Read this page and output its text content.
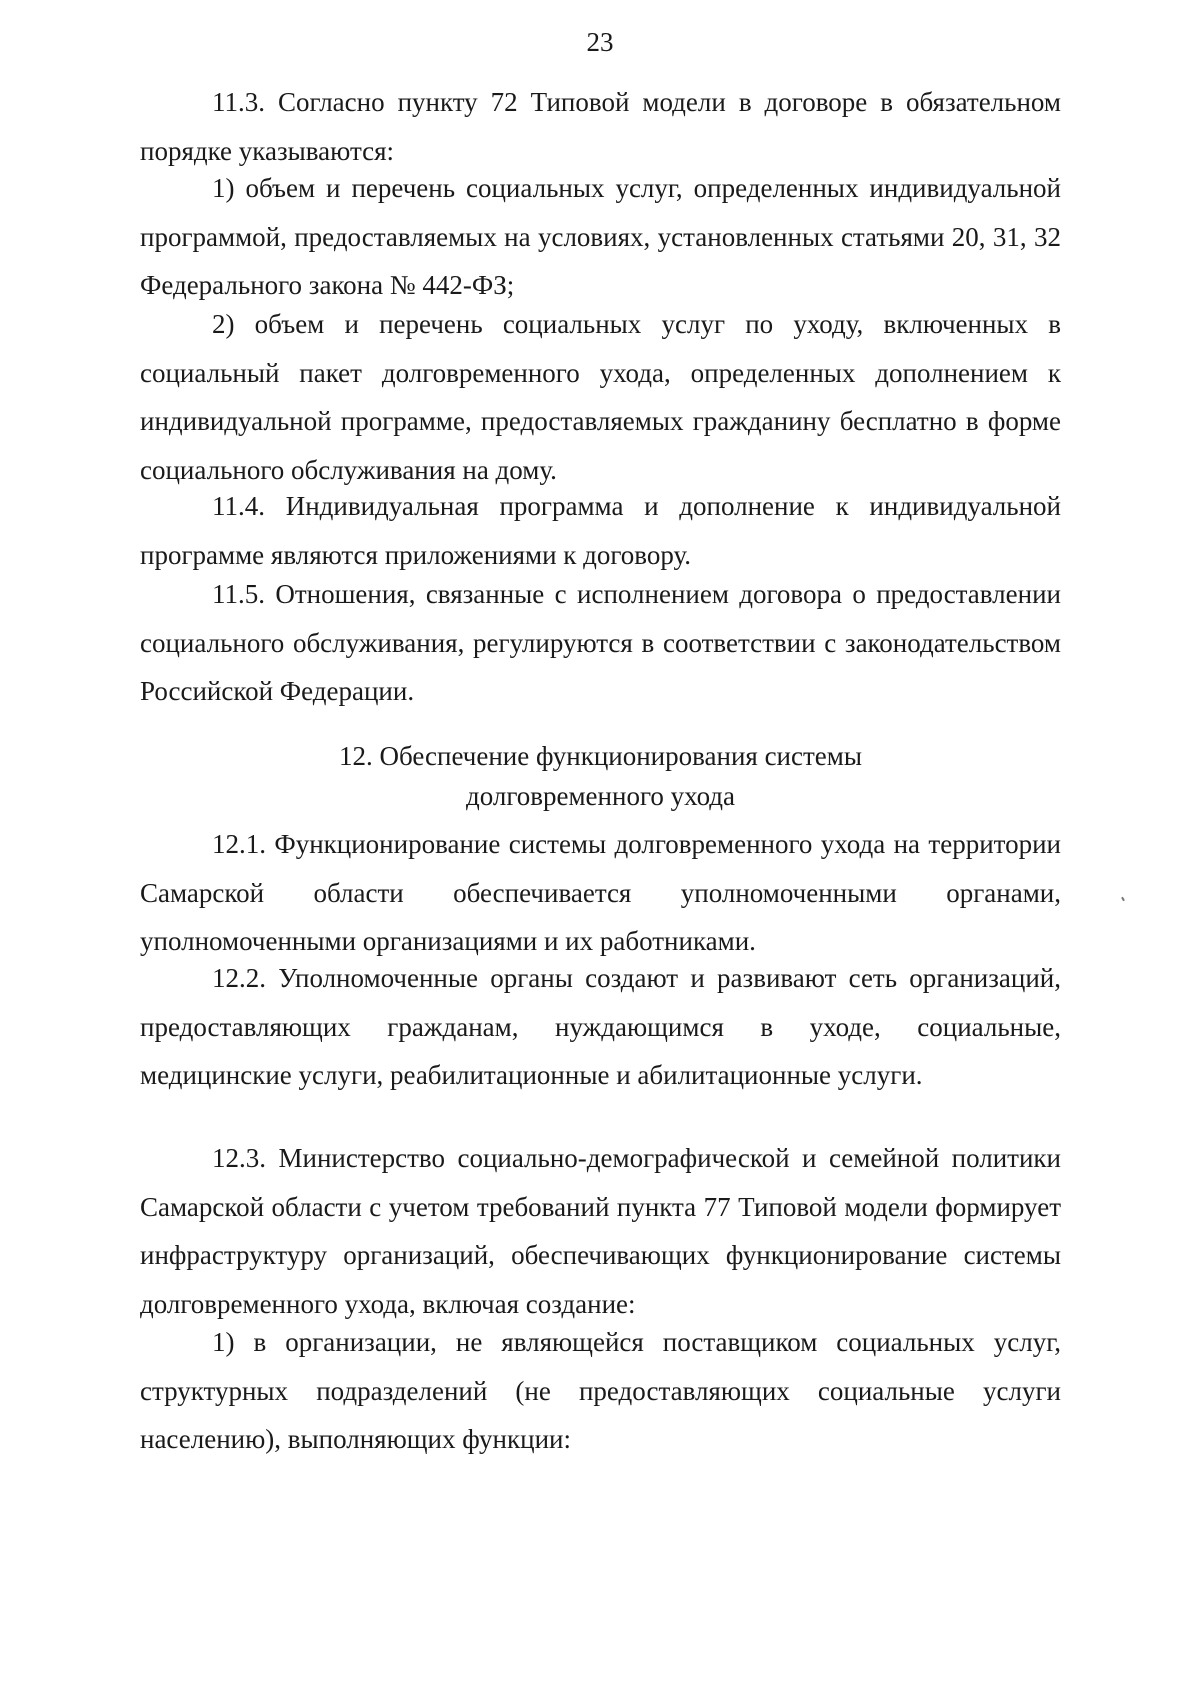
23

11.3. Согласно пункту 72 Типовой модели в договоре в обязательном порядке указываются:

1) объем и перечень социальных услуг, определенных индивидуальной программой, предоставляемых на условиях, установленных статьями 20, 31, 32 Федерального закона № 442-ФЗ;

2) объем и перечень социальных услуг по уходу, включенных в социальный пакет долговременного ухода, определенных дополнением к индивидуальной программе, предоставляемых гражданину бесплатно в форме социального обслуживания на дому.

11.4. Индивидуальная программа и дополнение к индивидуальной программе являются приложениями к договору.

11.5. Отношения, связанные с исполнением договора о предоставлении социального обслуживания, регулируются в соответствии с законодательством Российской Федерации.

12. Обеспечение функционирования системы
долговременного ухода

12.1. Функционирование системы долговременного ухода на территории Самарской области обеспечивается уполномоченными органами, уполномоченными организациями и их работниками.

12.2. Уполномоченные органы создают и развивают сеть организаций, предоставляющих гражданам, нуждающимся в уходе, социальные, медицинские услуги, реабилитационные и абилитационные услуги.

12.3. Министерство социально-демографической и семейной политики Самарской области с учетом требований пункта 77 Типовой модели формирует инфраструктуру организаций, обеспечивающих функционирование системы долговременного ухода, включая создание:

1) в организации, не являющейся поставщиком социальных услуг, структурных подразделений (не предоставляющих социальные услуги населению), выполняющих функции:
